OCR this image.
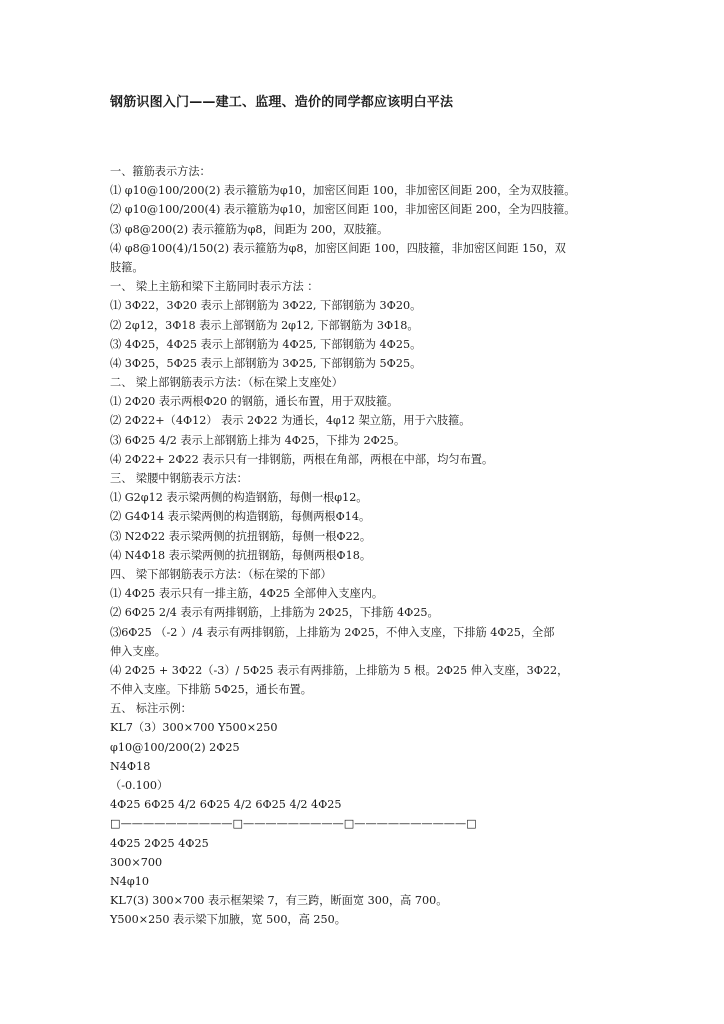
钢筋识图入门——建工、监理、造价的同学都应该明白平法
一、箍筋表示方法：
⑴ φ10@100/200(2) 表示箍筋为φ10，加密区间距 100，非加密区间距 200，全为双肢箍。
⑵ φ10@100/200(4) 表示箍筋为φ10，加密区间距 100，非加密区间距 200，全为四肢箍。
⑶ φ8@200(2) 表示箍筋为φ8，间距为 200，双肢箍。
⑷ φ8@100(4)/150(2) 表示箍筋为φ8，加密区间距 100，四肢箍，非加密区间距 150，双
肢箍。
一、 梁上主筋和梁下主筋同时表示方法 ：
⑴ 3Φ22，3Φ20 表示上部钢筋为 3Φ22, 下部钢筋为 3Φ20。
⑵ 2φ12，3Φ18 表示上部钢筋为 2φ12, 下部钢筋为 3Φ18。
⑶ 4Φ25，4Φ25 表示上部钢筋为 4Φ25, 下部钢筋为 4Φ25。
⑷ 3Φ25，5Φ25 表示上部钢筋为 3Φ25, 下部钢筋为 5Φ25。
二、 梁上部钢筋表示方法：（标在梁上支座处）
⑴ 2Φ20 表示两根Φ20 的钢筋，通长布置，用于双肢箍。
⑵ 2Φ22+（4Φ12） 表示 2Φ22 为通长，4φ12 架立筋，用于六肢箍。
⑶ 6Φ25 4/2 表示上部钢筋上排为 4Φ25，下排为 2Φ25。
⑷ 2Φ22+ 2Φ22 表示只有一排钢筋，两根在角部，两根在中部，均匀布置。
三、 梁腰中钢筋表示方法：
⑴ G2φ12 表示梁两侧的构造钢筋，每侧一根φ12。
⑵ G4Φ14 表示梁两侧的构造钢筋，每侧两根Φ14。
⑶ N2Φ22 表示梁两侧的抗扭钢筋，每侧一根Φ22。
⑷ N4Φ18 表示梁两侧的抗扭钢筋，每侧两根Φ18。
四、 梁下部钢筋表示方法：（标在梁的下部）
⑴ 4Φ25 表示只有一排主筋，4Φ25 全部伸入支座内。
⑵ 6Φ25 2/4 表示有两排钢筋，上排筋为 2Φ25，下排筋 4Φ25。
⑶6Φ25 （-2 ）/4 表示有两排钢筋，上排筋为 2Φ25，不伸入支座，下排筋 4Φ25，全部
伸入支座。
⑷ 2Φ25 + 3Φ22（-3）/ 5Φ25 表示有两排筋，上排筋为 5 根。2Φ25 伸入支座，3Φ22，
不伸入支座。下排筋 5Φ25，通长布置。
五、 标注示例：
KL7（3）300×700 Y500×250
φ10@100/200(2) 2Φ25
N4Φ18
（-0.100）
4Φ25 6Φ25 4/2 6Φ25 4/2 6Φ25 4/2 4Φ25
□——————————□—————————□——————————□
4Φ25 2Φ25 4Φ25
300×700
N4φ10
KL7(3) 300×700 表示框架梁 7，有三跨，断面宽 300，高 700。
Y500×250 表示梁下加腋，宽 500，高 250。
